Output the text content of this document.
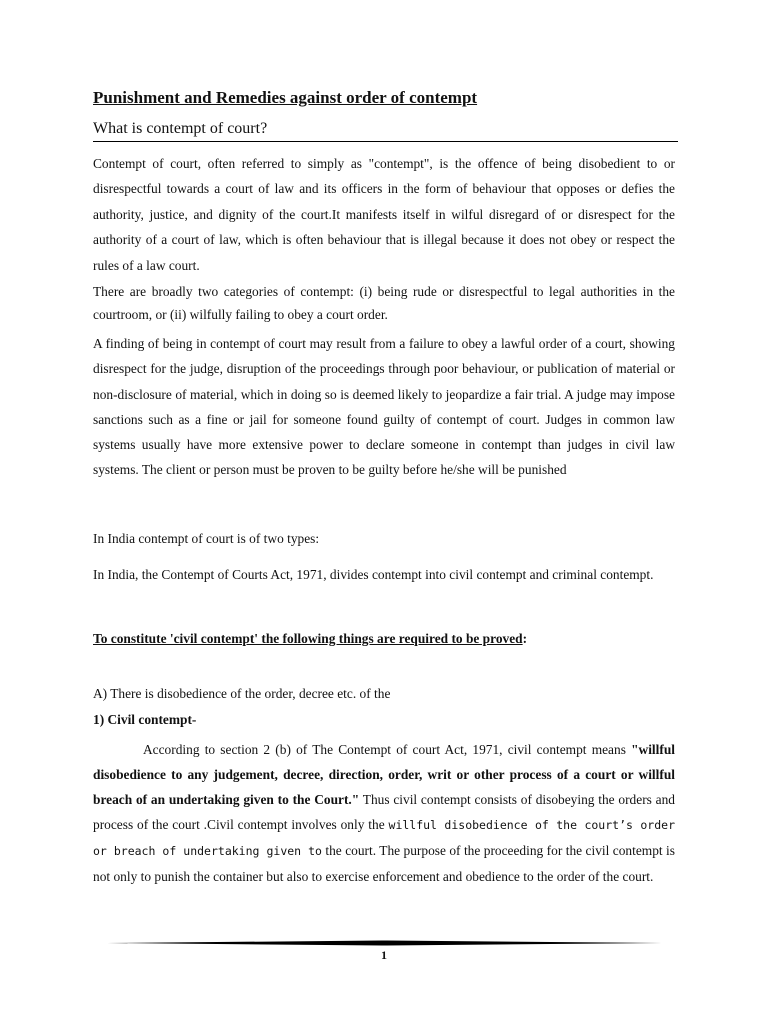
Punishment and Remedies against order of contempt
What is contempt of court?
Contempt of court, often referred to simply as "contempt", is the offence of being disobedient to or disrespectful towards a court of law and its officers in the form of behaviour that opposes or defies the authority, justice, and dignity of the court.It manifests itself in wilful disregard of or disrespect for the authority of a court of law, which is often behaviour that is illegal because it does not obey or respect the rules of a law court.
There are broadly two categories of contempt: (i) being rude or disrespectful to legal authorities in the courtroom, or (ii) wilfully failing to obey a court order.
A finding of being in contempt of court may result from a failure to obey a lawful order of a court, showing disrespect for the judge, disruption of the proceedings through poor behaviour, or publication of material or non-disclosure of material, which in doing so is deemed likely to jeopardize a fair trial. A judge may impose sanctions such as a fine or jail for someone found guilty of contempt of court. Judges in common law systems usually have more extensive power to declare someone in contempt than judges in civil law systems. The client or person must be proven to be guilty before he/she will be punished
In India contempt of court is of two types:
In India, the Contempt of Courts Act, 1971, divides contempt into civil contempt and criminal contempt.
To constitute 'civil contempt' the following things are required to be proved:
A) There is disobedience of the order, decree etc. of the
1) Civil contempt-
According to section 2 (b) of The Contempt of court Act, 1971, civil contempt means "willful disobedience to any judgement, decree, direction, order, writ or other process of a court or willful breach of an undertaking given to the Court." Thus civil contempt consists of disobeying the orders and process of the court .Civil contempt involves only the willful disobedience of the court’s order or breach of undertaking given to the court. The purpose of the proceeding for the civil contempt is not only to punish the container but also to exercise enforcement and obedience to the order of the court.
1
